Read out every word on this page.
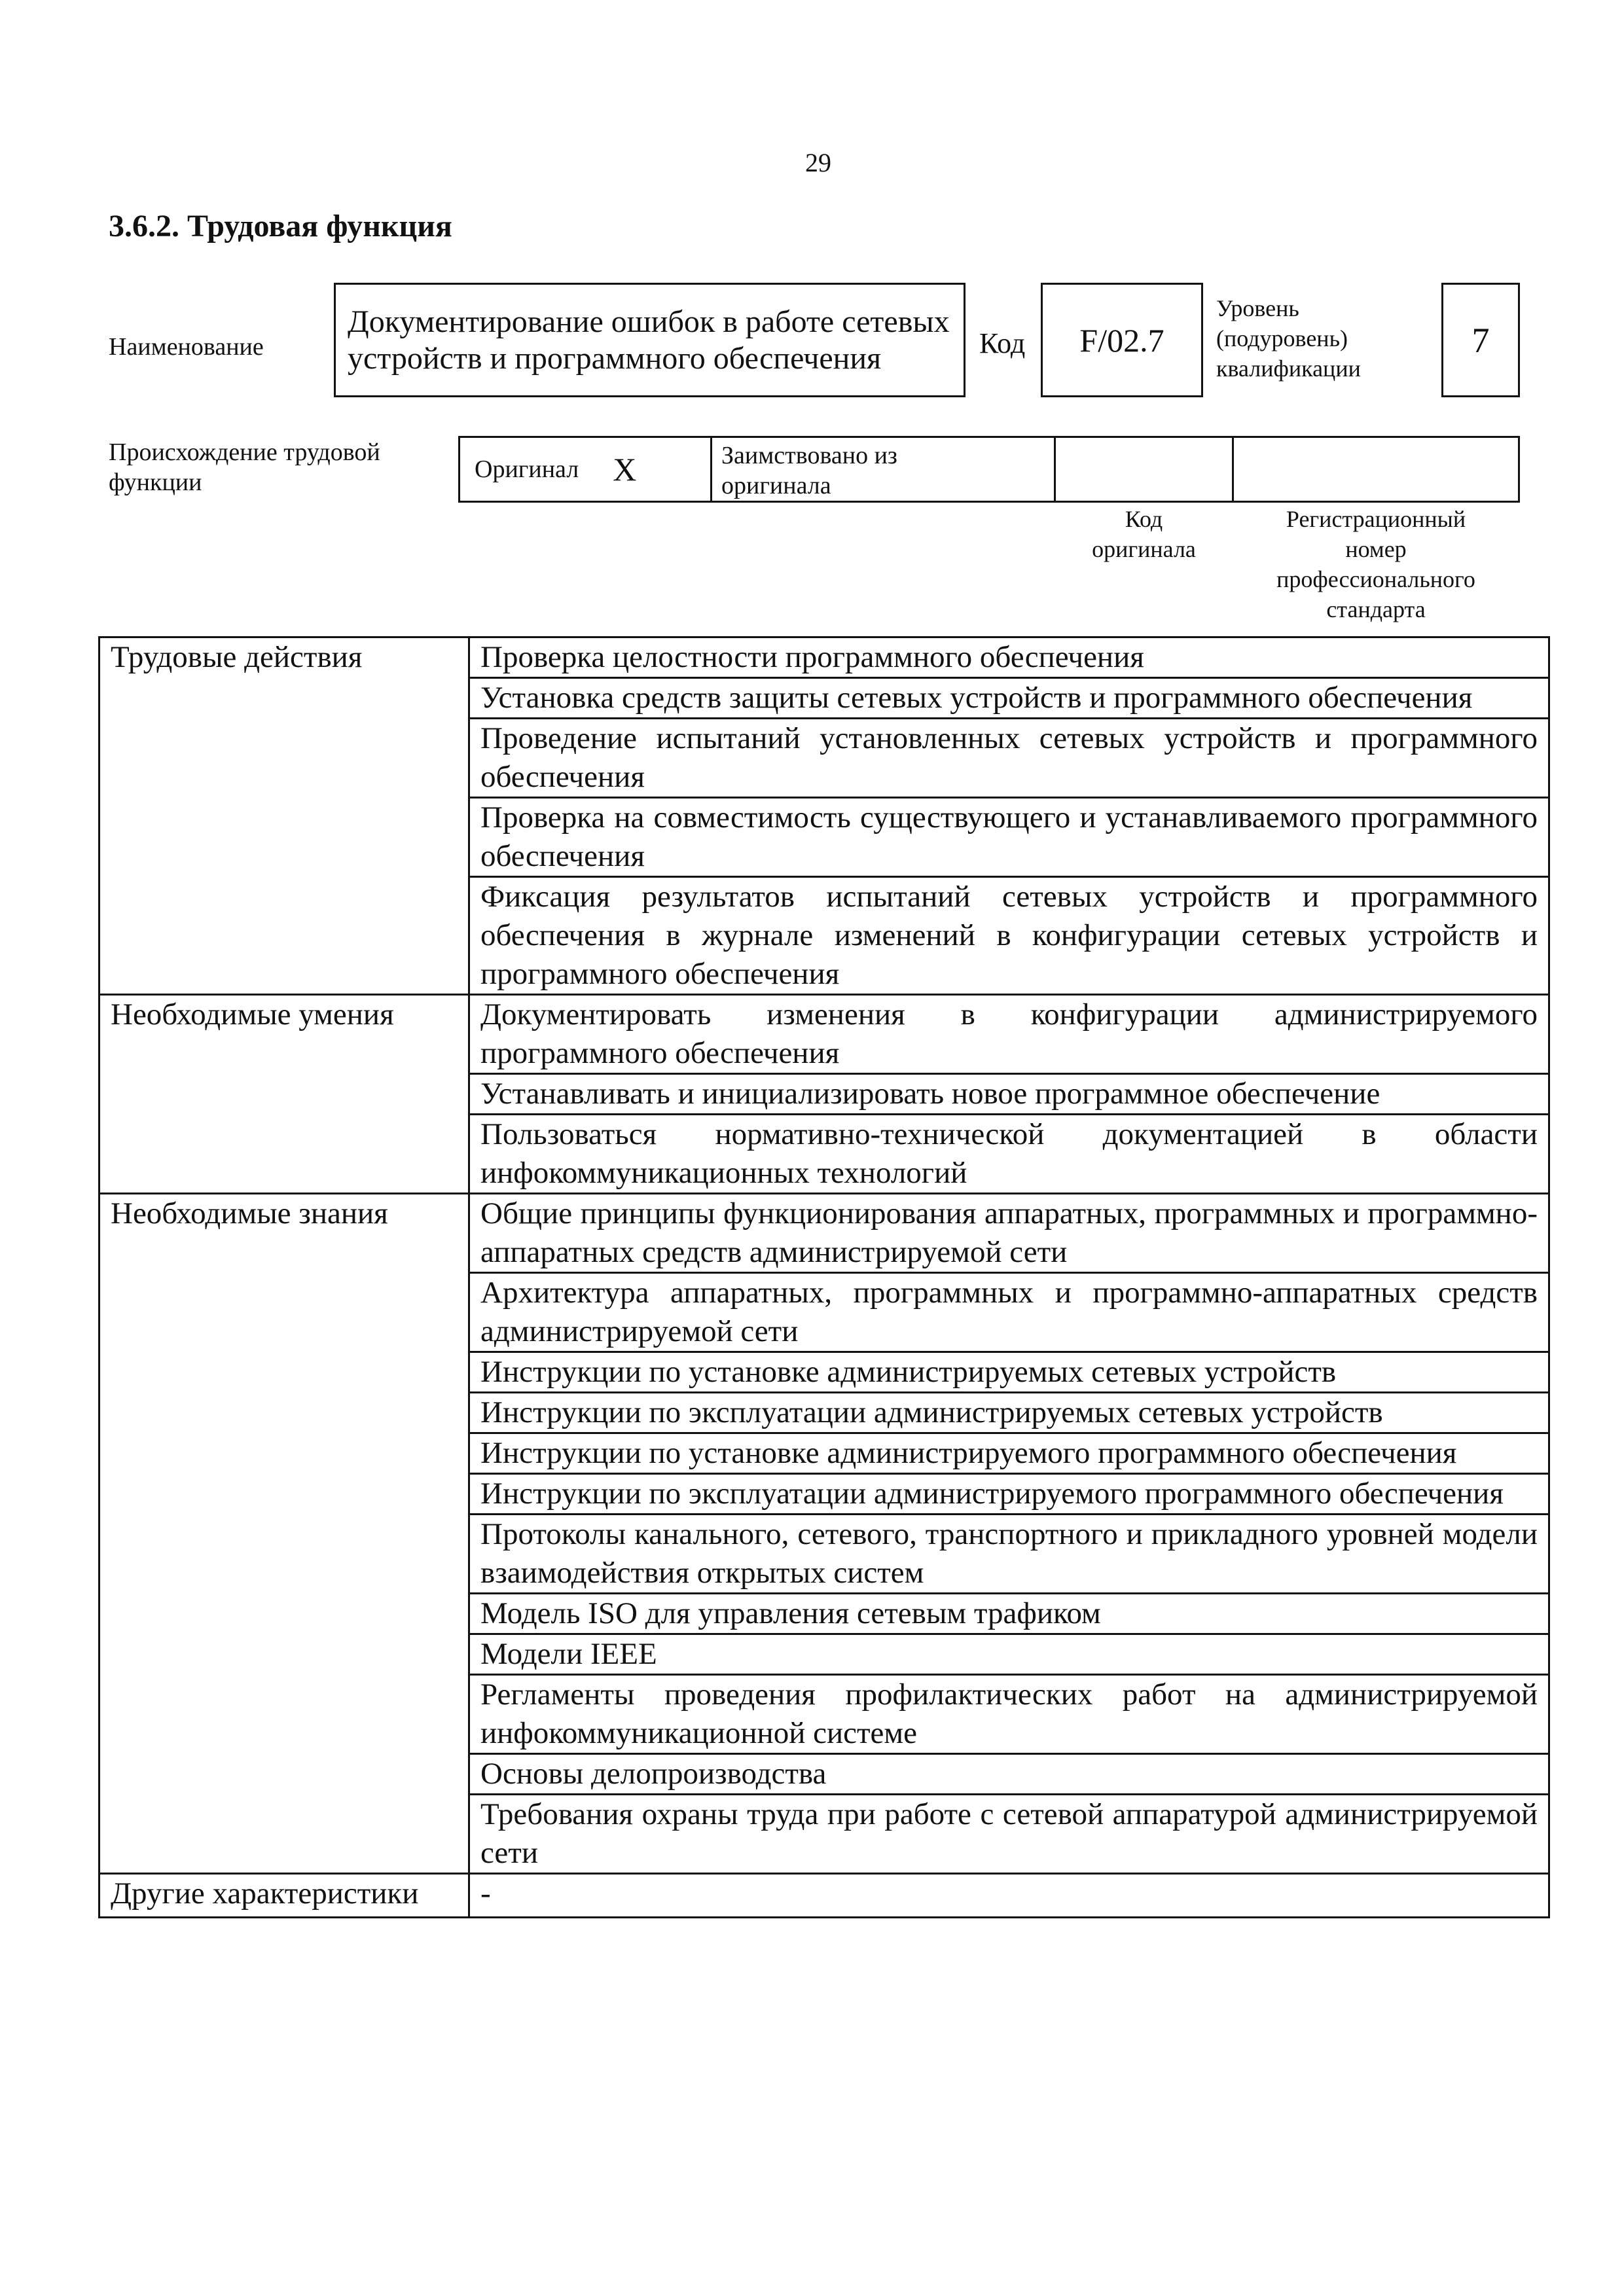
29
3.6.2. Трудовая функция
Наименование
Документирование ошибок в работе сетевых устройств и программного обеспечения	Код F/02.7
Уровень
(подуровень)
квалификации
7
Происхождение трудовой
функции	Оригинал X	Заимствовано из
оригинала
Код
оригинала
Регистрационный
номер
профессионального
стандарта
Трудовые действия	Проверка целостности программного обеспечения
	Установка средств защиты сетевых устройств и программного обеспечения
	Проведение испытаний установленных сетевых устройств и программного обеспечения
	Проверка на совместимость существующего и устанавливаемого программного обеспечения
	Фиксация результатов испытаний сетевых устройств и программного обеспечения в журнале изменений в конфигурации сетевых устройств и программного обеспечения
Необходимые умения	Документировать изменения в конфигурации администрируемого программного обеспечения
	Устанавливать и инициализировать новое программное обеспечение
	Пользоваться нормативно-технической документацией в области инфокоммуникационных технологий
Необходимые знания	Общие принципы функционирования аппаратных, программных и программно-аппаратных средств администрируемой сети
	Архитектура аппаратных, программных и программно-аппаратных средств администрируемой сети
	Инструкции по установке администрируемых сетевых устройств
	Инструкции по эксплуатации администрируемых сетевых устройств
	Инструкции по установке администрируемого программного обеспечения
	Инструкции по эксплуатации администрируемого программного обеспечения
	Протоколы канального, сетевого, транспортного и прикладного уровней модели взаимодействия открытых систем
	Модель ISO для управления сетевым трафиком
	Модели IEEE
	Регламенты проведения профилактических работ на администрируемой инфокоммуникационной системе
	Основы делопроизводства
	Требования охраны труда при работе с сетевой аппаратурой администрируемой сети
Другие характеристики	-
